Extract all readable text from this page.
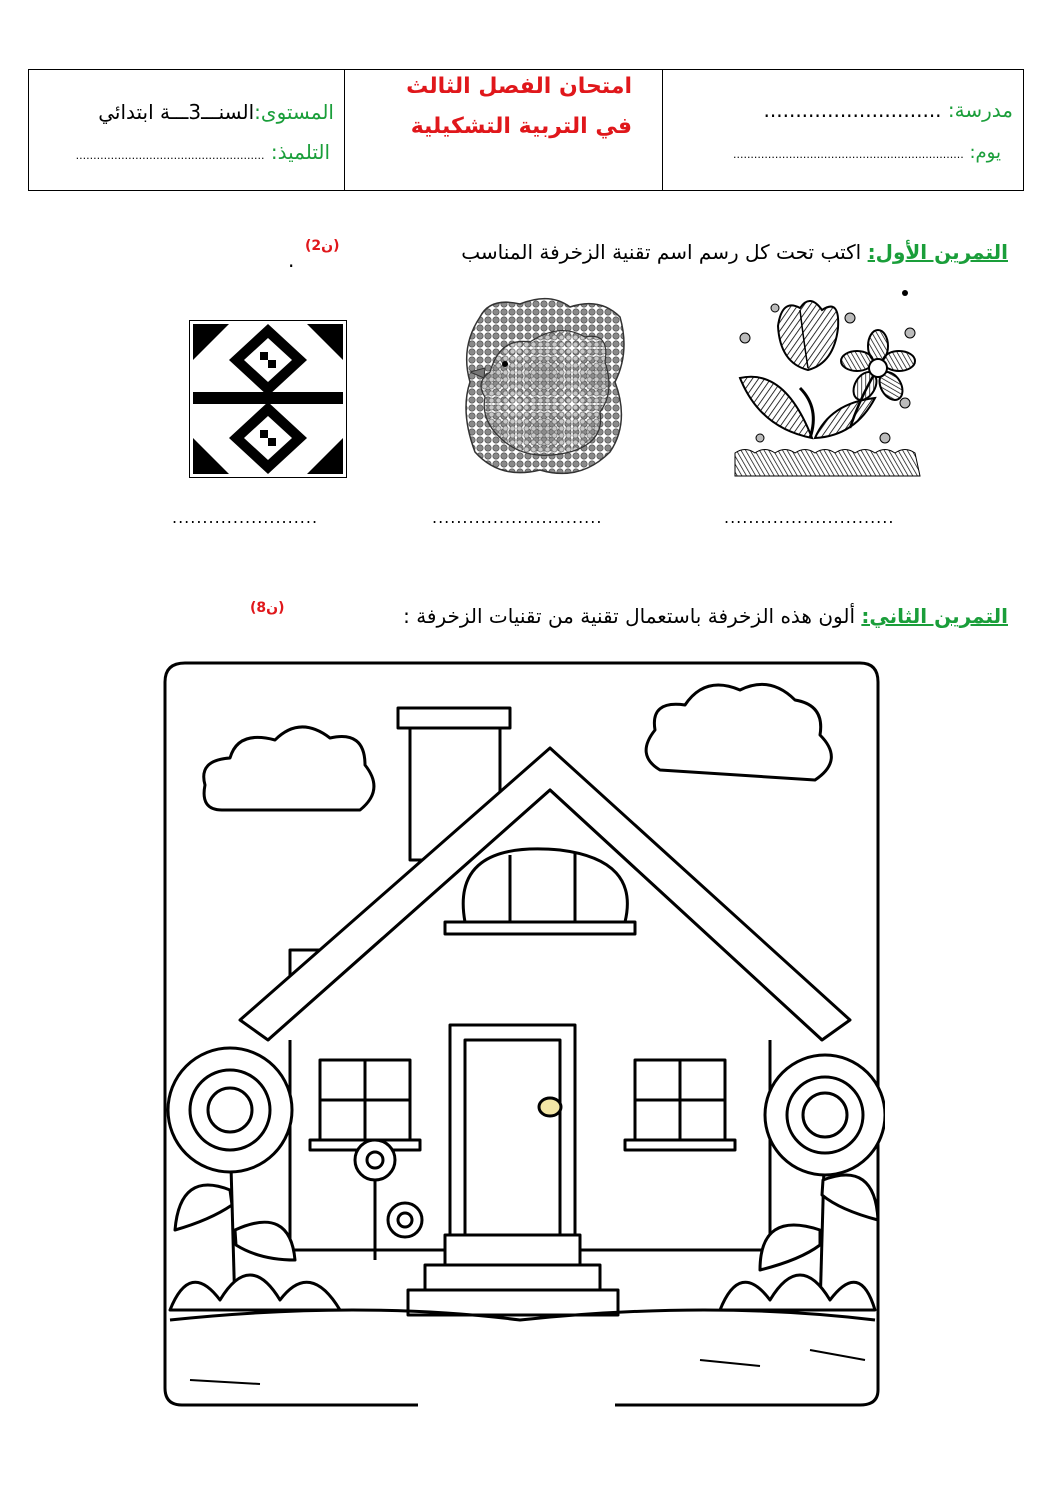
مدرسة: ............................
يوم: ..................................................................
امتحان الفصل الثالث
في التربية التشكيلية
المستوى:السنـــ3ـــة ابتدائي
التلميذ: ......................................................
التمرين الأول: اكتب تحت كل رسم اسم تقنية الزخرفة المناسب
(2ن)
.
............................
............................
........................
التمرين الثاني: ألون هذه الزخرفة باستعمال تقنية من تقنيات الزخرفة :
(8ن)
